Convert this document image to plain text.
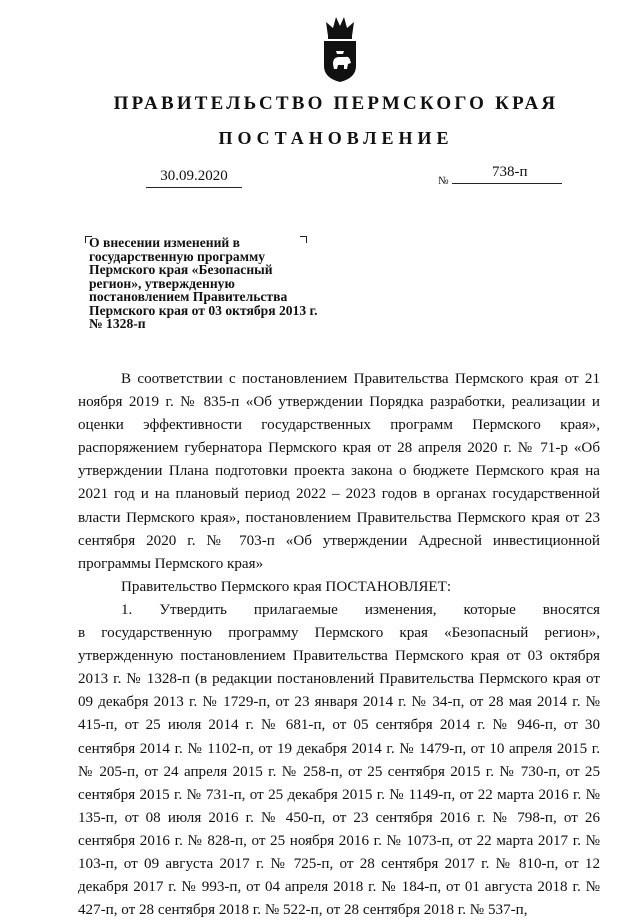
ПРАВИТЕЛЬСТВО ПЕРМСКОГО КРАЯ
ПОСТАНОВЛЕНИЕ
30.09.2020	№
738-п

О внесении изменений в государственную программу Пермского края «Безопасный регион», утвержденную постановлением Правительства Пермского края от 03 октября 2013 г. № 1328-п

В соответствии с постановлением Правительства Пермского края от 21 ноября 2019 г. № 835-п «Об утверждении Порядка разработки, реализации и оценки эффективности государственных программ Пермского края», распоряжением губернатора Пермского края от 28 апреля 2020 г. № 71-р «Об утверждении Плана подготовки проекта закона о бюджете Пермского края на 2021 год и на плановый период 2022 – 2023 годов в органах государственной власти Пермского края», постановлением Правительства Пермского края от 23 сентября 2020 г. № 703-п «Об утверждении Адресной инвестиционной программы Пермского края»

Правительство Пермского края ПОСТАНОВЛЯЕТ:

1. Утвердить прилагаемые изменения, которые вносятся

в государственную программу Пермского края «Безопасный регион», утвержденную постановлением Правительства Пермского края от 03 октября 2013 г. № 1328-п (в редакции постановлений Правительства Пермского края от 09 декабря 2013 г. № 1729-п, от 23 января 2014 г. № 34-п, от 28 мая 2014 г. № 415-п, от 25 июля 2014 г. № 681-п, от 05 сентября 2014 г. № 946-п, от 30 сентября 2014 г. № 1102-п, от 19 декабря 2014 г. № 1479-п, от 10 апреля 2015 г. № 205-п, от 24 апреля 2015 г. № 258-п, от 25 сентября 2015 г. № 730-п, от 25 сентября 2015 г. № 731-п, от 25 декабря 2015 г. № 1149-п, от 22 марта 2016 г. № 135-п, от 08 июля 2016 г. № 450-п, от 23 сентября 2016 г. № 798-п, от 26 сентября 2016 г. № 828-п, от 25 ноября 2016 г. № 1073-п, от 22 марта 2017 г. № 103-п, от 09 августа 2017 г. № 725-п, от 28 сентября 2017 г. № 810-п, от 12 декабря 2017 г. № 993-п, от 04 апреля 2018 г. № 184-п, от 01 августа 2018 г. № 427-п, от 28 сентября 2018 г. № 522-п, от 28 сентября 2018 г. № 537-п,
